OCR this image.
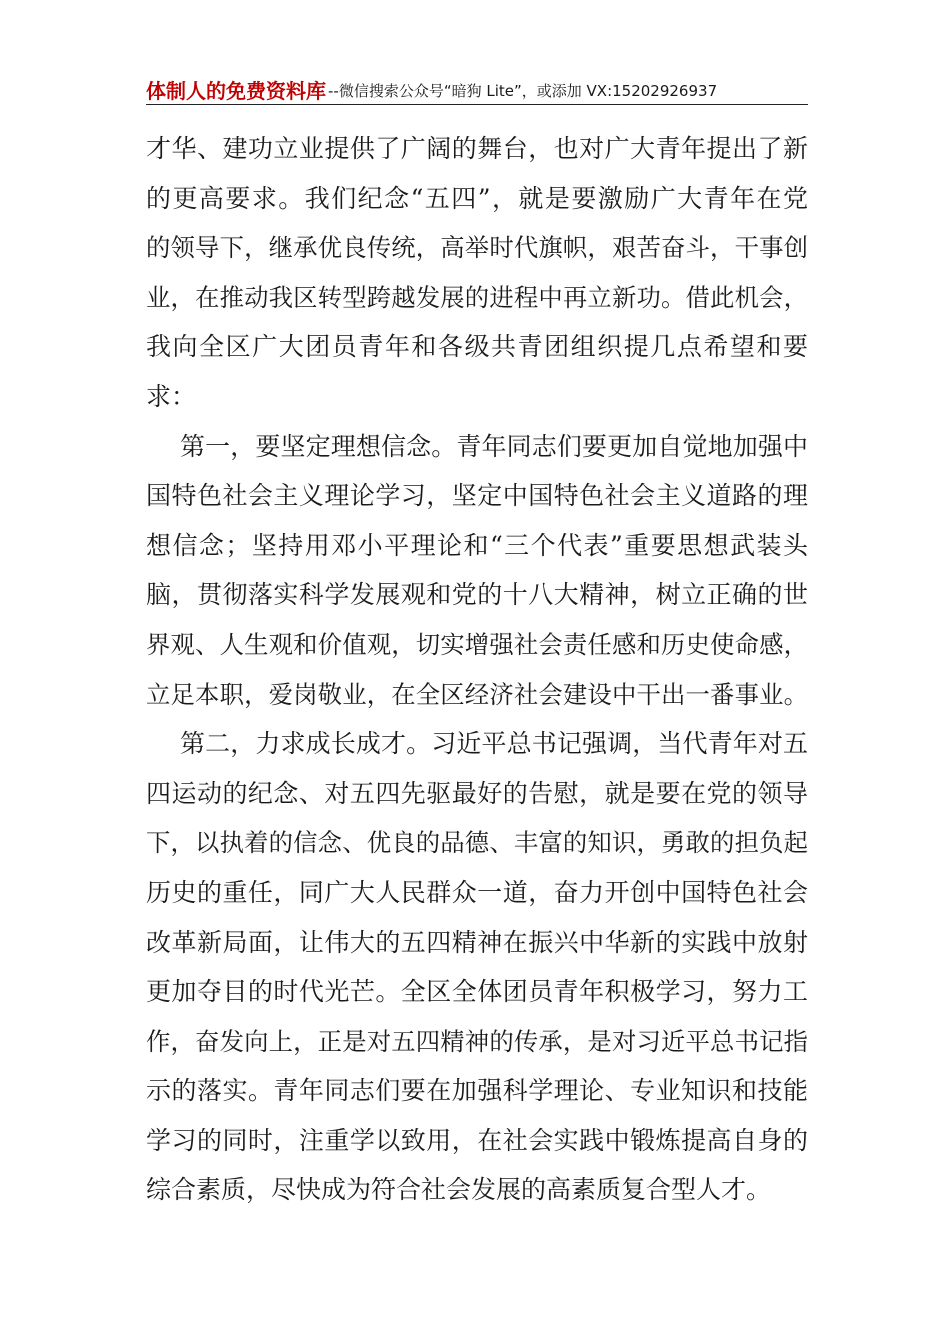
体制人的免费资料库 --微信搜索公众号“暗狗 Lite”，或添加 VX:15202926937
才华、建功立业提供了广阔的舞台，也对广大青年提出了新
的更高要求。我们纪念“五四”，就是要激励广大青年在党
的领导下，继承优良传统，高举时代旗帜，艰苦奋斗，干事创
业，在推动我区转型跨越发展的进程中再立新功。借此机会，
我向全区广大团员青年和各级共青团组织提几点希望和要
求：
第一，要坚定理想信念。青年同志们要更加自觉地加强中
国特色社会主义理论学习，坚定中国特色社会主义道路的理
想信念；坚持用邓小平理论和“三个代表”重要思想武装头
脑，贯彻落实科学发展观和党的十八大精神，树立正确的世
界观、人生观和价值观，切实增强社会责任感和历史使命感，
立足本职，爱岗敬业，在全区经济社会建设中干出一番事业。
第二，力求成长成才。习近平总书记强调，当代青年对五
四运动的纪念、对五四先驱最好的告慰，就是要在党的领导
下，以执着的信念、优良的品德、丰富的知识，勇敢的担负起
历史的重任，同广大人民群众一道，奋力开创中国特色社会
改革新局面，让伟大的五四精神在振兴中华新的实践中放射
更加夺目的时代光芒。全区全体团员青年积极学习，努力工
作，奋发向上，正是对五四精神的传承，是对习近平总书记指
示的落实。青年同志们要在加强科学理论、专业知识和技能
学习的同时，注重学以致用，在社会实践中锻炼提高自身的
综合素质，尽快成为符合社会发展的高素质复合型人才。
